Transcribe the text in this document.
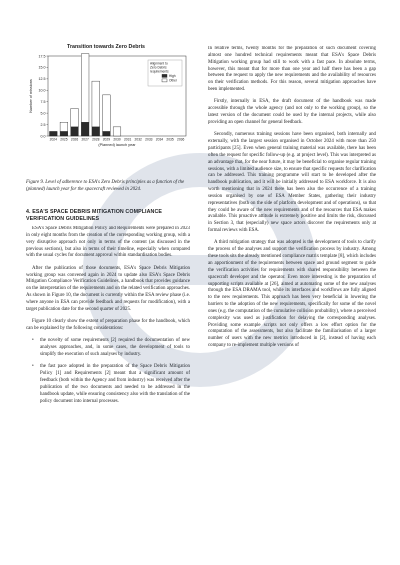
Transition towards Zero Debris
0.0
2.5
5.0
7.5
10.0
12.5
15.0
17.5
Number of missions
2024 2025 2026 2027 2028 2029 2030 2031 2032 2033 2034 2035 2036
(Planned) launch year
Alignment to
Zero Debris
requirements
High
Other
Figure 9. Level of adherence to ESA's Zero Debris principles as a function of the (planned) launch year for the spacecraft reviewed in 2024.
4. ESA'S SPACE DEBRIS MITIGATION COMPLIANCE VERIFICATION GUIDELINES

ESA's Space Debris Mitigation Policy and Requirements were prepared in 2023 in only eight months from the creation of the corresponding working group, with a very disruptive approach not only in terms of the content (as discussed in the previous sections), but also in terms of their timeline, especially when compared with the usual cycles for document approval within standardisation bodies.

After the publication of those documents, ESA's Space Debris Mitigation working group was convened again in 2024 to update also ESA's Space Debris Mitigation Compliance Verification Guidelines, a handbook that provides guidance on the interpretation of the requirements and on the related verification approaches. As shown in Figure 10, the document is currently within the ESA review phase (i.e. where anyone in ESA can provide feedback and requests for modification), with a target publication date for the second quarter of 2025.

Figure 10 clearly show the extent of preparation phase for the handbook, which can be explained by the following considerations:

• the novelty of some requirements [2] required the documentation of new analyses approaches, and, in some cases, the development of tools to simplify the execution of such analyses by industry.
• the fast pace adopted in the preparation of the Space Debris Mitigation Policy [1] and Requirements [2] meant that a significant amount of feedback (both within the Agency and from industry) was received after the publication of the two documents and needed to be addressed in the handbook update, while ensuring consistency also with the translation of the policy document into internal processes.

In relative terms, twenty months for the preparation of such document covering almost one hundred technical requirements meant that ESA's Space Debris Mitigation working group had still to work with a fast pace. In absolute terms, however, this meant that for more than one year and half there has been a gap between the request to apply the new requirements and the availability of resources on their verification methods. For this reason, several mitigation approaches have been implemented.

Firstly, internally in ESA, the draft document of the handbook was made accessible through the whole agency (and not only to the working group), so the latest version of the document could be used by the internal projects, while also providing an open channel for general feedback.

Secondly, numerous training sessions have been organised, both internally and externally, with the largest session organised in October 2024 with more than 250 participants [25]. Even when general training material was available, there has been often the request for specific follow-up (e.g. at project level). This was interpreted as an advantage that, for the near future, it may be beneficial to organise regular training sessions, with a limited audience size, to ensure that specific requests for clarification can be addressed. This training programme will start to be developed after the handbook publication, and it will be initially addressed to ESA workforce. It is also worth mentioning that in 2024 there has been also the occurrence of a training session organised by one of ESA Member States, gathering their industry representatives (both on the side of platform development and of operations), so that they could be aware of the new requirements and of the resources that ESA makes available. This proactive attitude is extremely positive and limits the risk, discussed in Section 3, that (especially) new space actors discover the requirements only at formal reviews with ESA.

A third mitigation strategy that was adopted is the development of tools to clarify the process of the analyses and support the verification process by industry. Among these tools sits the already mentioned compliance matrix template [8], which includes an apportionment of the requirements between space and ground segment to guide the verification activities for requirements with shared responsibility between the spacecraft developer and the operator. Even more interesting is the preparation of supporting scripts available at [26], aimed at automating some of the new analyses through the ESA DRAMA tool, while its interfaces and workflows are fully aligned to the new requirements. This approach has been very beneficial in lowering the barriers to the adoption of the new requirements, specifically for some of the novel ones (e.g. the computation of the cumulative collision probability), where a perceived complexity was used as justification for delaying the corresponding analyses. Providing some example scripts not only offers a low effort option for the computation of the assessments, but also facilitate the familiarisation of a larger number of users with the new metrics introduced in [2], instead of having each company to re-implement multiple versions of
